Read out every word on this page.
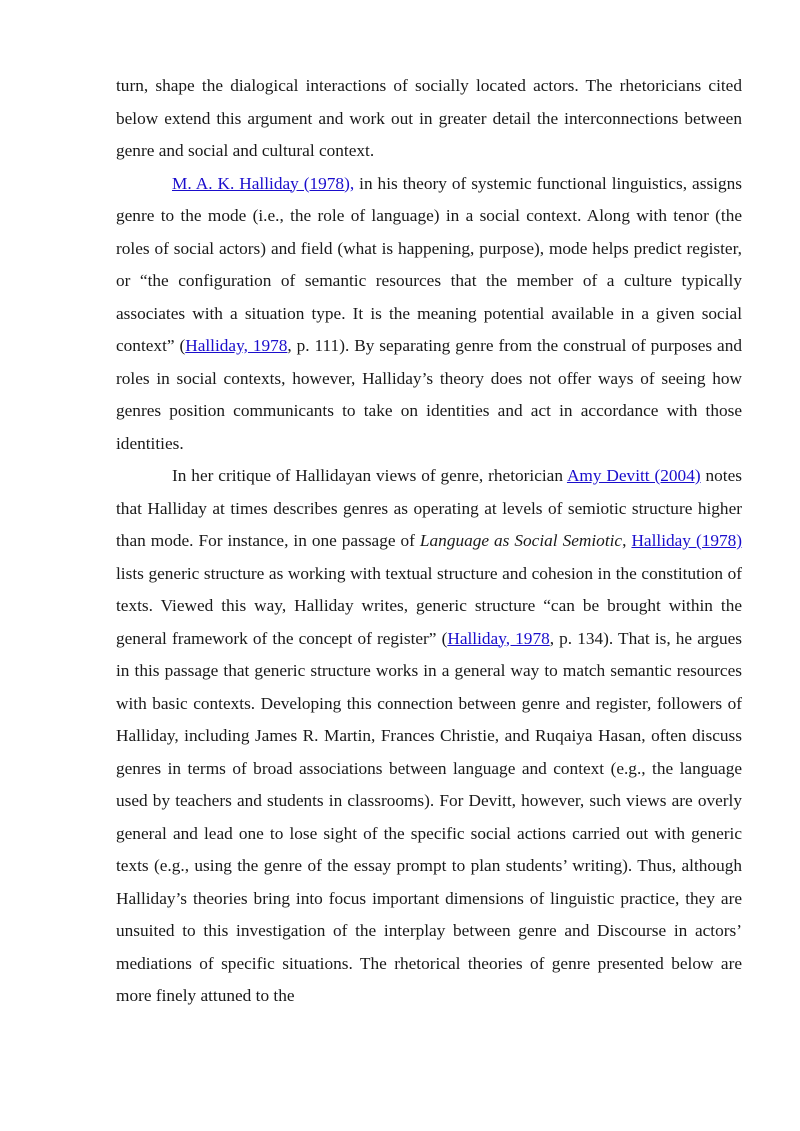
turn, shape the dialogical interactions of socially located actors. The rhetoricians cited below extend this argument and work out in greater detail the interconnections between genre and social and cultural context.

M. A. K. Halliday (1978), in his theory of systemic functional linguistics, assigns genre to the mode (i.e., the role of language) in a social context. Along with tenor (the roles of social actors) and field (what is happening, purpose), mode helps predict register, or “the configuration of semantic resources that the member of a culture typically associates with a situation type. It is the meaning potential available in a given social context” (Halliday, 1978, p. 111). By separating genre from the construal of purposes and roles in social contexts, however, Halliday’s theory does not offer ways of seeing how genres position communicants to take on identities and act in accordance with those identities.

In her critique of Hallidayan views of genre, rhetorician Amy Devitt (2004) notes that Halliday at times describes genres as operating at levels of semiotic structure higher than mode. For instance, in one passage of Language as Social Semiotic, Halliday (1978) lists generic structure as working with textual structure and cohesion in the constitution of texts. Viewed this way, Halliday writes, generic structure “can be brought within the general framework of the concept of register” (Halliday, 1978, p. 134). That is, he argues in this passage that generic structure works in a general way to match semantic resources with basic contexts. Developing this connection between genre and register, followers of Halliday, including James R. Martin, Frances Christie, and Ruqaiya Hasan, often discuss genres in terms of broad associations between language and context (e.g., the language used by teachers and students in classrooms). For Devitt, however, such views are overly general and lead one to lose sight of the specific social actions carried out with generic texts (e.g., using the genre of the essay prompt to plan students’ writing). Thus, although Halliday’s theories bring into focus important dimensions of linguistic practice, they are unsuited to this investigation of the interplay between genre and Discourse in actors’ mediations of specific situations. The rhetorical theories of genre presented below are more finely attuned to the
